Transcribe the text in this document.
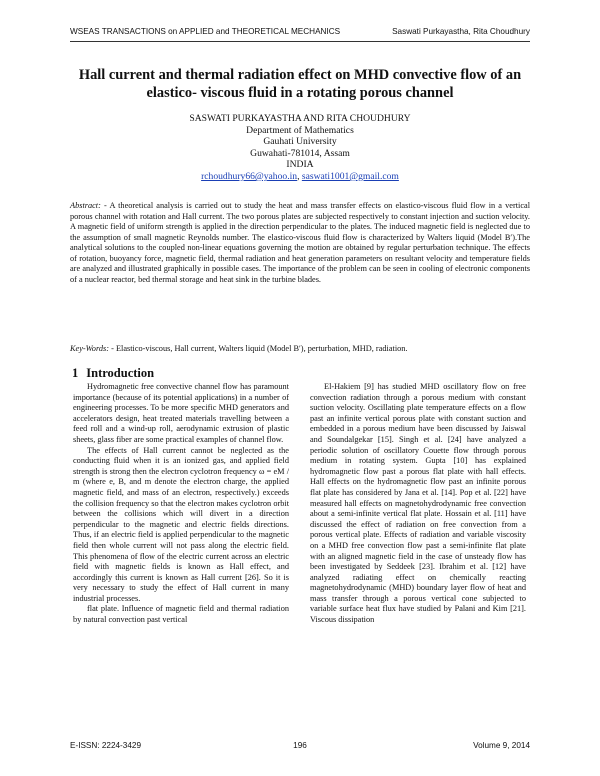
WSEAS TRANSACTIONS on APPLIED and THEORETICAL MECHANICS	Saswati Purkayastha, Rita Choudhury
Hall current and thermal radiation effect on MHD convective flow of an elastico- viscous fluid in a rotating porous channel
SASWATI PURKAYASTHA AND RITA CHOUDHURY
Department of Mathematics
Gauhati University
Guwahati-781014, Assam
INDIA
rchoudhury66@yahoo.in, saswati1001@gmail.com
Abstract: - A theoretical analysis is carried out to study the heat and mass transfer effects on elastico-viscous fluid flow in a vertical porous channel with rotation and Hall current. The two porous plates are subjected respectively to constant injection and suction velocity. A magnetic field of uniform strength is applied in the direction perpendicular to the plates. The induced magnetic field is neglected due to the assumption of small magnetic Reynolds number. The elastico-viscous fluid flow is characterized by Walters liquid (Model B′).The analytical solutions to the coupled non-linear equations governing the motion are obtained by regular perturbation technique. The effects of rotation, buoyancy force, magnetic field, thermal radiation and heat generation parameters on resultant velocity and temperature fields are analyzed and illustrated graphically in possible cases. The importance of the problem can be seen in cooling of electronic components of a nuclear reactor, bed thermal storage and heat sink in the turbine blades.
Key-Words: - Elastico-viscous, Hall current, Walters liquid (Model B′), perturbation, MHD, radiation.
1 Introduction

Hydromagnetic free convective channel flow has paramount importance (because of its potential applications) in a number of engineering processes. To be more specific MHD generators and accelerators design, heat treated materials travelling between a feed roll and a wind-up roll, aerodynamic extrusion of plastic sheets, glass fiber are some practical examples of channel flow.

The effects of Hall current cannot be neglected as the conducting fluid when it is an ionized gas, and applied field strength is strong then the electron cyclotron frequency ω = eM / m (where e, B, and m denote the electron charge, the applied magnetic field, and mass of an electron, respectively.) exceeds the collision frequency so that the electron makes cyclotron orbit between the collisions which will divert in a direction perpendicular to the magnetic and electric fields directions. Thus, if an electric field is applied perpendicular to the magnetic field then whole current will not pass along the electric field. This phenomena of flow of the electric current across an electric field with magnetic fields is known as Hall effect, and accordingly this current is known as Hall current [26]. So it is very necessary to study the effect of Hall current in many industrial processes.

flat plate. Influence of magnetic field and thermal radiation by natural convection past vertical

El-Hakiem [9] has studied MHD oscillatory flow on free convection radiation through a porous medium with constant suction velocity. Oscillating plate temperature effects on a flow past an infinite vertical porous plate with constant suction and embedded in a porous medium have been discussed by Jaiswal and Soundalgekar [15]. Singh et al. [24] have analyzed a periodic solution of oscillatory Couette flow through porous medium in rotating system. Gupta [10] has explained hydromagnetic flow past a porous flat plate with hall effects. Hall effects on the hydromagnetic flow past an infinite porous flat plate has considered by Jana et al. [14]. Pop et al. [22] have measured hall effects on magnetohydrodynamic free convection about a semi-infinite vertical flat plate. Hossain et al. [11] have discussed the effect of radiation on free convection from a porous vertical plate. Effects of radiation and variable viscosity on a MHD free convection flow past a semi-infinite flat plate with an aligned magnetic field in the case of unsteady flow has been investigated by Seddeek [23]. Ibrahim et al. [12] have analyzed radiating effect on chemically reacting magnetohydrodynamic (MHD) boundary layer flow of heat and mass transfer through a porous vertical cone subjected to variable surface heat flux have studied by Palani and Kim [21]. Viscous dissipation

E-ISSN: 2224-3429	196	Volume 9, 2014
